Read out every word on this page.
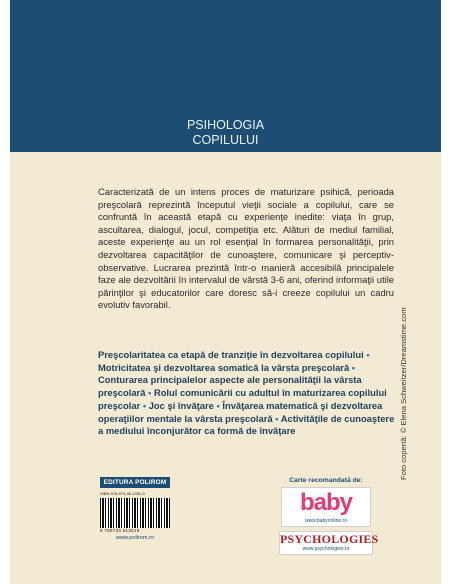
PSIHOLOGIA
COPILULUI
Caracterizată de un intens proces de maturizare psihică, perioada preşcolară reprezintă începutul vieţii sociale a copilului, care se confruntă în această etapă cu experienţe inedite: viaţa în grup, ascultarea, dialogul, jocul, competiţia etc. Alături de mediul familial, aceste experienţe au un rol esenţial în formarea personalităţii, prin dezvoltarea capacităţilor de cunoaştere, comunicare şi perceptiv-observative. Lucrarea prezintă într-o manieră accesibilă principalele faze ale dezvoltării în intervalul de vârstă 3-6 ani, oferind informaţii utile părinţilor şi educatorilor care doresc să-i creeze copilului un cadru evolutiv favorabil.
Preşcolaritatea ca etapă de tranziţie în dezvoltarea copilului • Motricitatea şi dezvoltarea somatică la vârsta preşcolară • Conturarea principalelor aspecte ale personalităţii la vârsta preşcolară • Rolul comunicării cu adultul în maturizarea copilului preşcolar • Joc şi învăţare • Învăţarea matematică şi dezvoltarea operaţiilor mentale la vârsta preşcolară • Activităţile de cunoaştere a mediului înconjurător ca formă de învăţare	Foto copertă: © Elena Schweitzer/Dreamstime.com
EDITURA POLIROM
ISBN 978-973-46-1351-9
9 789734 613519
www.polirom.ro
Carte recomandată de:
baby
www.babyonline.ro
PSYCHOLOGIES
www.psychologies.ro
